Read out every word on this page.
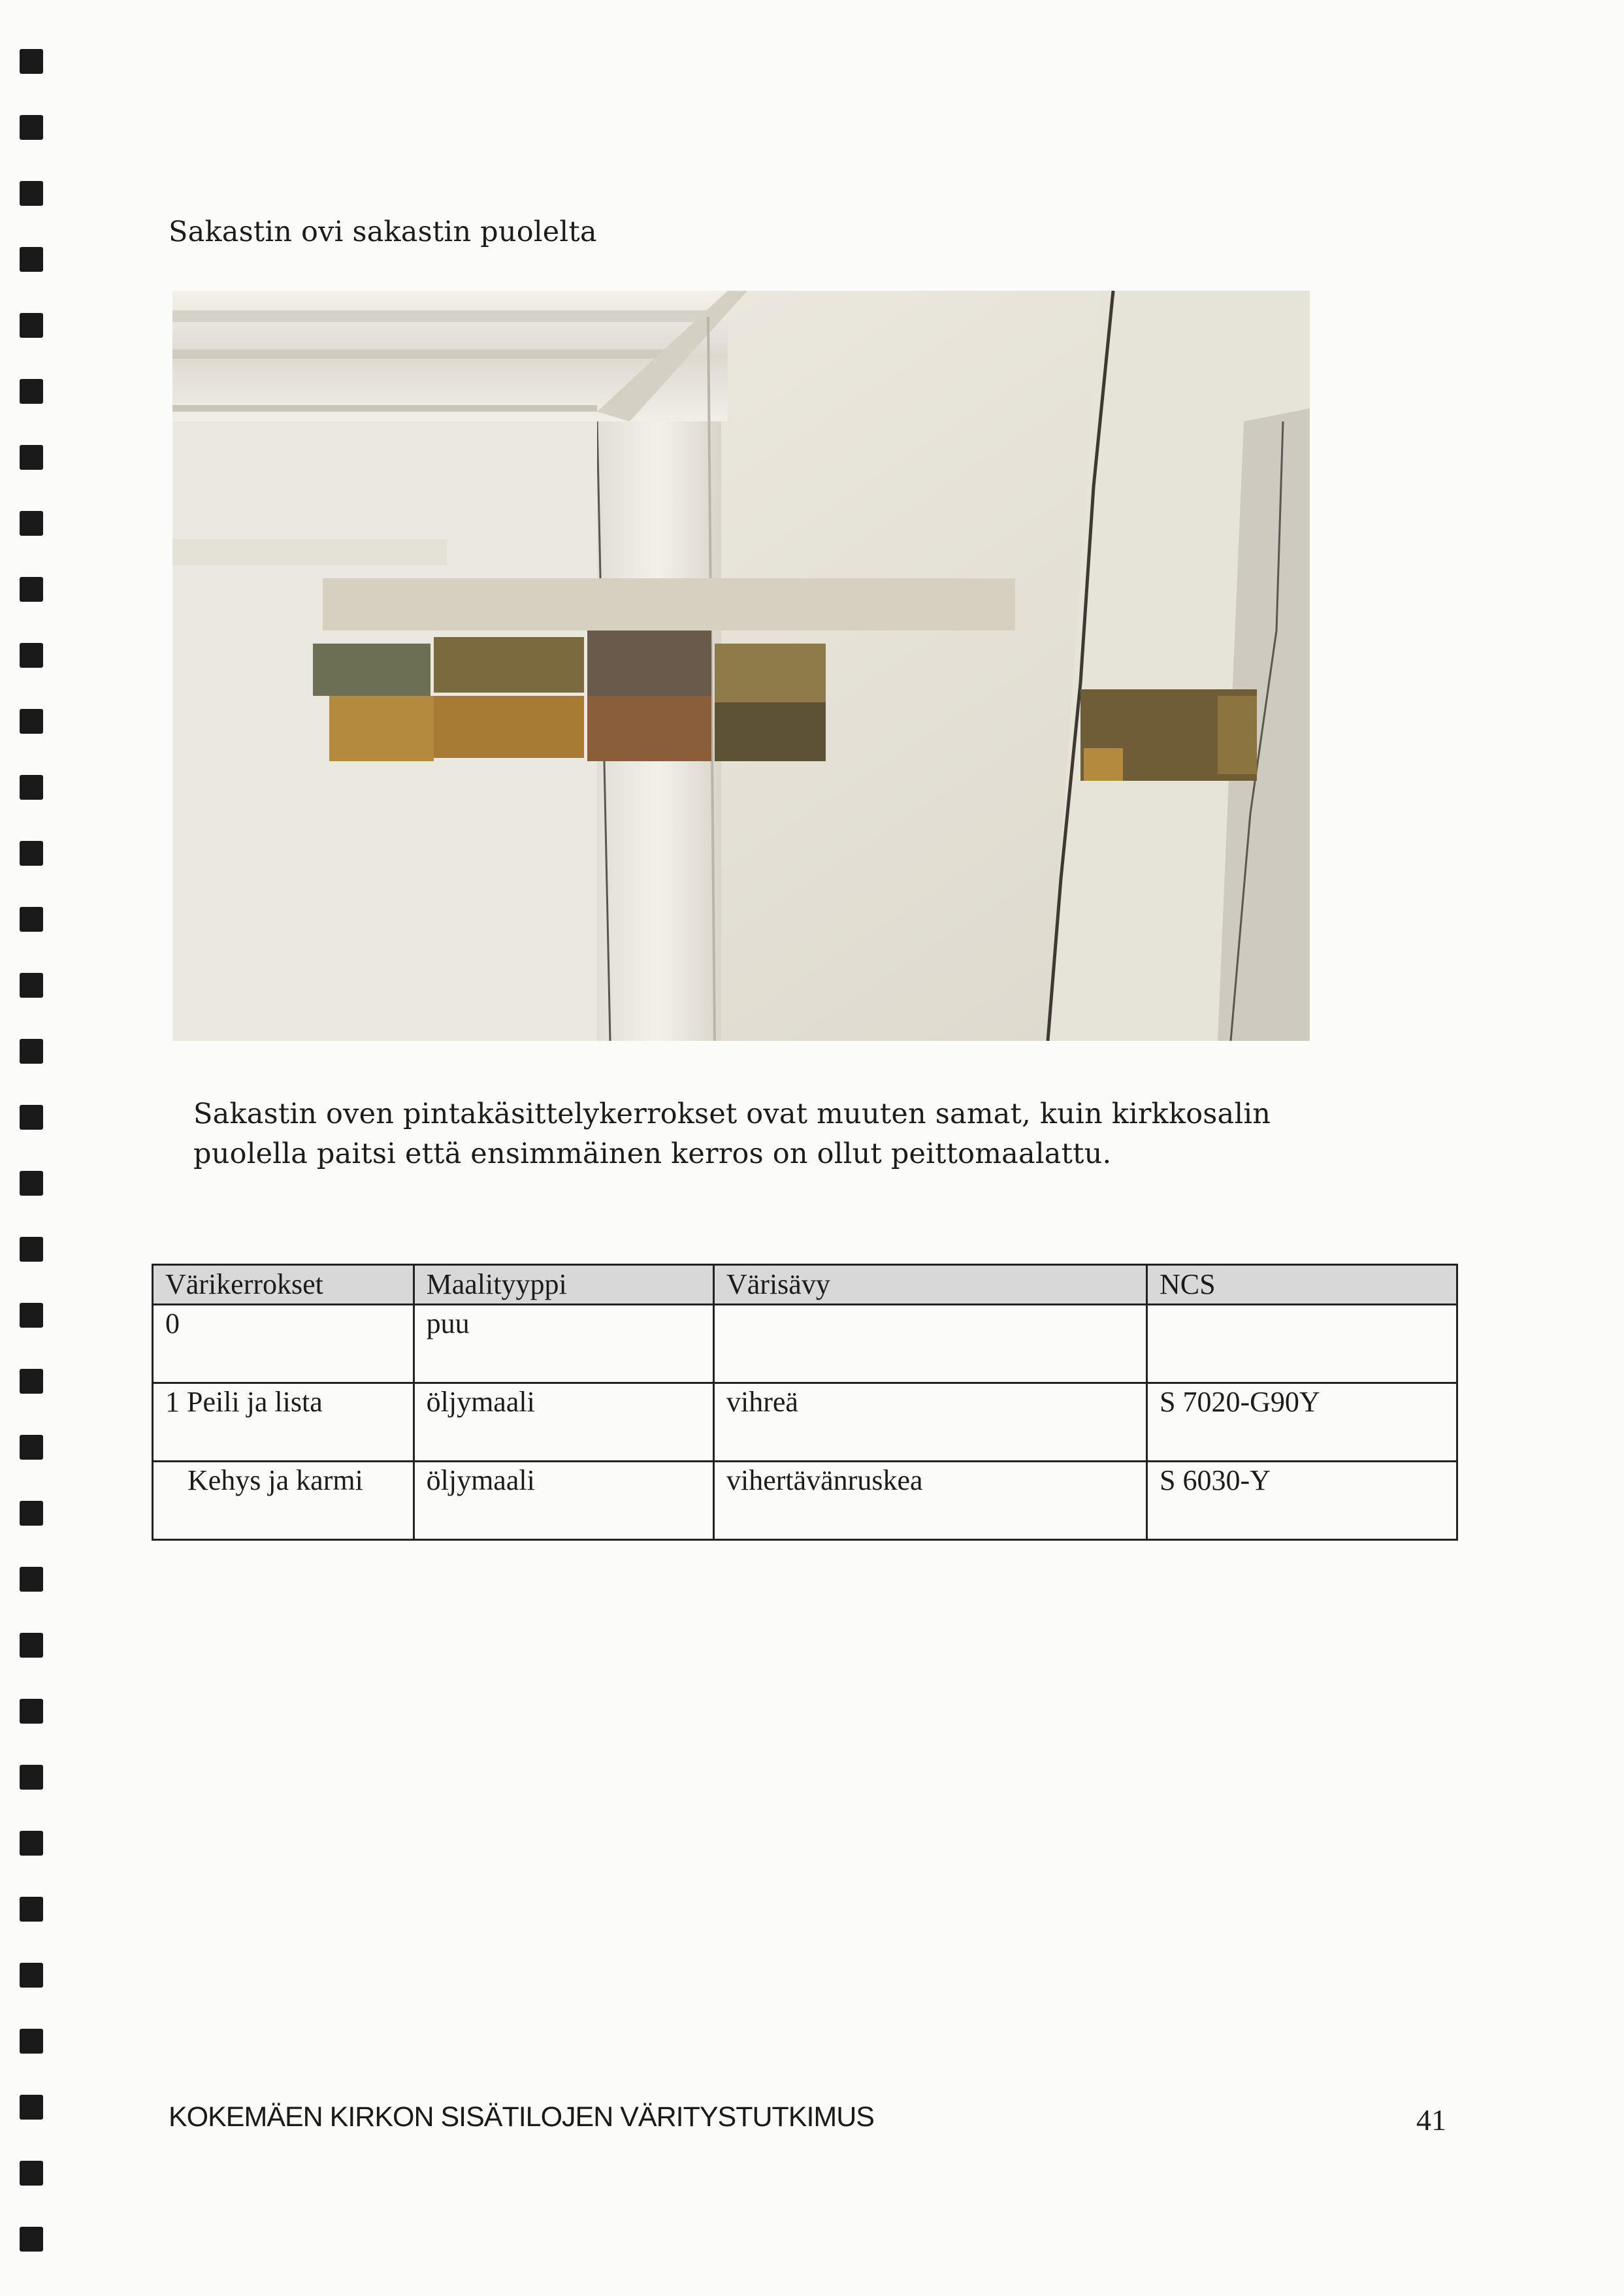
Sakastin ovi sakastin puolelta

Sakastin oven pintakäsittelykerrokset ovat muuten samat, kuin kirkkosalin

puolella paitsi että ensimmäinen kerros on ollut peittomaalattu.

Värikerrokset	Maalityyppi	Värisävy	NCS
0	puu		
1 Peili ja lista	öljymaali	vihreä	S 7020-G90Y
Kehys ja karmi	öljymaali	vihertävänruskea	S 6030-Y
KOKEMÄEN KIRKON SISÄTILOJEN VÄRITYSTUTKIMUS	41
